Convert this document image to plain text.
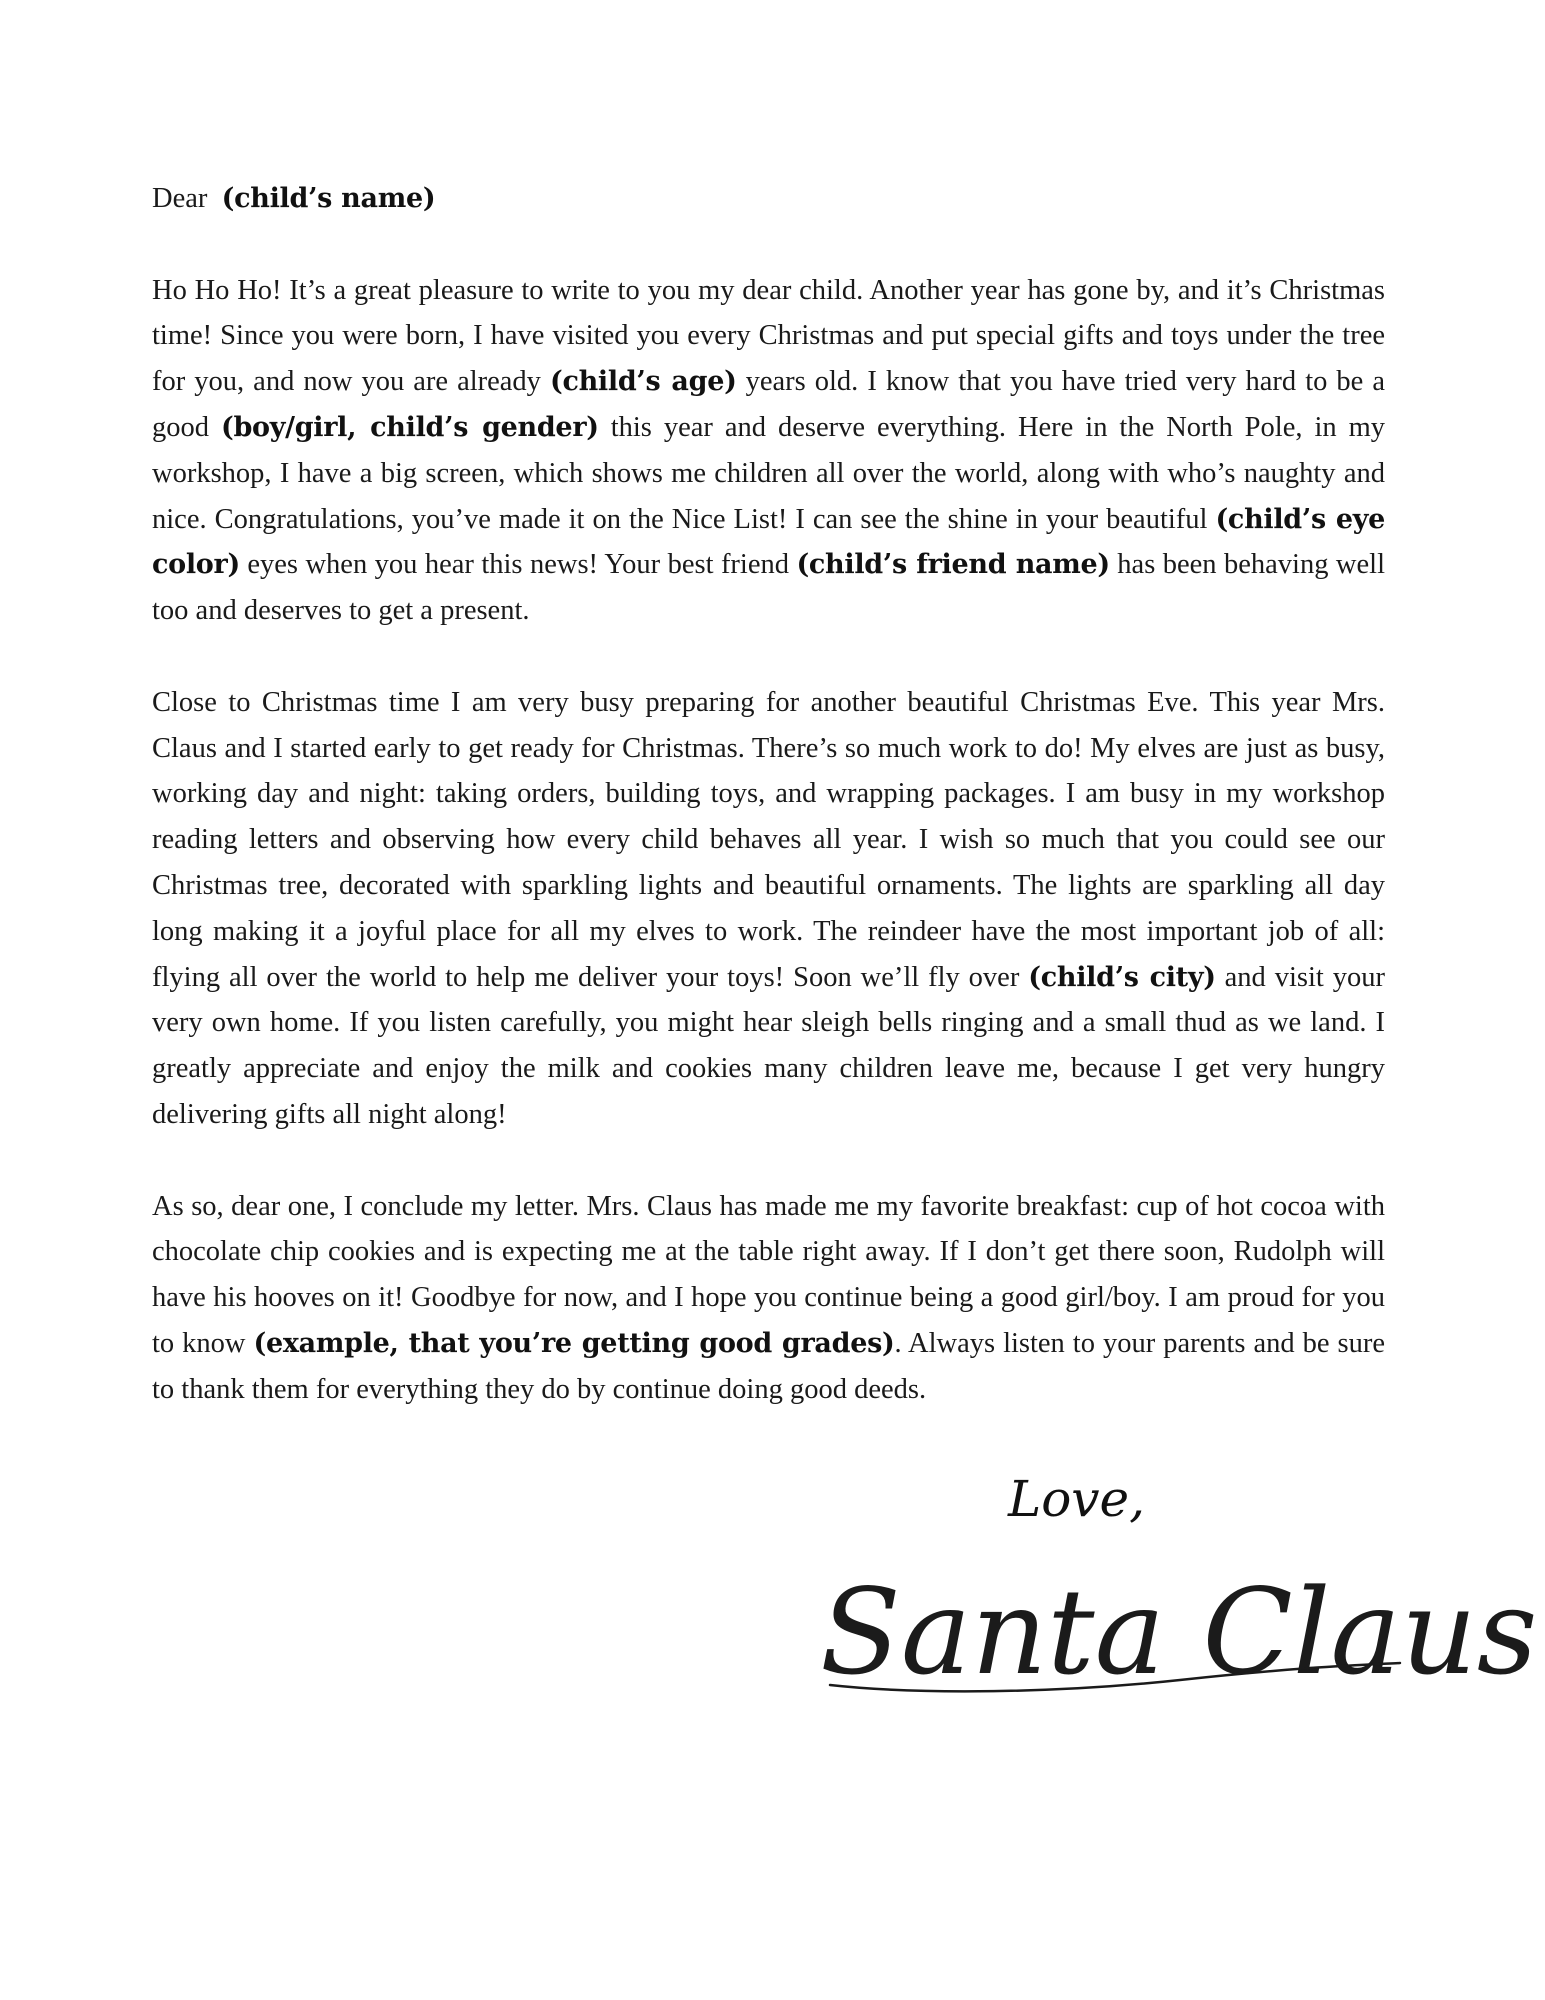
Dear (child’s name)

Ho Ho Ho! It’s a great pleasure to write to you my dear child. Another year has gone by, and it’s Christmas time! Since you were born, I have visited you every Christmas and put special gifts and toys under the tree for you, and now you are already (child’s age) years old. I know that you have tried very hard to be a good (boy/girl, child’s gender) this year and deserve everything. Here in the North Pole, in my workshop, I have a big screen, which shows me children all over the world, along with who’s naughty and nice. Congratulations, you’ve made it on the Nice List! I can see the shine in your beautiful (child’s eye color) eyes when you hear this news! Your best friend (child’s friend name) has been behaving well too and deserves to get a present.

Close to Christmas time I am very busy preparing for another beautiful Christmas Eve. This year Mrs. Claus and I started early to get ready for Christmas. There’s so much work to do! My elves are just as busy, working day and night: taking orders, building toys, and wrapping packages. I am busy in my workshop reading letters and observing how every child behaves all year. I wish so much that you could see our Christmas tree, decorated with sparkling lights and beautiful ornaments. The lights are sparkling all day long making it a joyful place for all my elves to work. The reindeer have the most important job of all: flying all over the world to help me deliver your toys! Soon we’ll fly over (child’s city) and visit your very own home. If you listen carefully, you might hear sleigh bells ringing and a small thud as we land. I greatly appreciate and enjoy the milk and cookies many children leave me, because I get very hungry delivering gifts all night along!

As so, dear one, I conclude my letter. Mrs. Claus has made me my favorite breakfast: cup of hot cocoa with chocolate chip cookies and is expecting me at the table right away. If I don’t get there soon, Rudolph will have his hooves on it! Goodbye for now, and I hope you continue being a good girl/boy. I am proud for you to know (example, that you’re getting good grades). Always listen to your parents and be sure to thank them for everything they do by continue doing good deeds.

Love,
Santa Claus
